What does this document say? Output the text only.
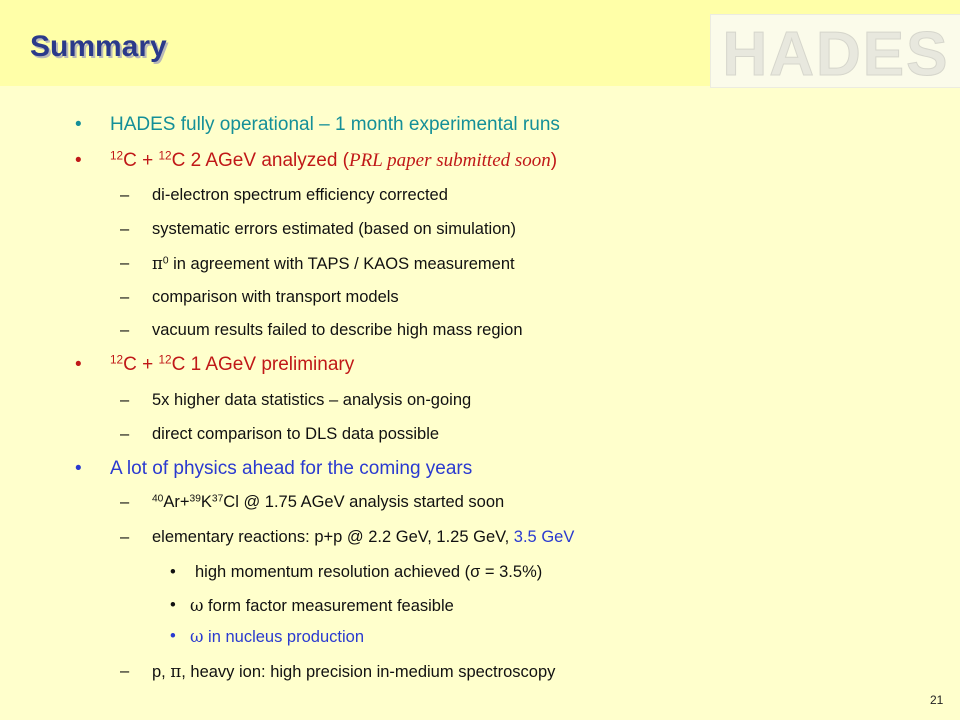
Summary	HADES
• HADES fully operational – 1 month experimental runs
• $^{12}$C + $^{12}$C 2 AGeV analyzed (PRL paper submitted soon)
– di-electron spectrum efficiency corrected
– systematic errors estimated (based on simulation)
– $\pi^0$ in agreement with TAPS / KAOS measurement
– comparison with transport models
– vacuum results failed to describe high mass region
• $^{12}$C + $^{12}$C 1 AGeV preliminary
– 5x higher data statistics – analysis on-going
– direct comparison to DLS data possible
• A lot of physics ahead for the coming years
– $^{40}Ar+^{39}K^{37}Cl$ @ 1.75 AGeV analysis started soon
– elementary reactions: p+p @ 2.2 GeV, 1.25 GeV, 3.5 GeV
• high momentum resolution achieved (σ = 3.5%)
• ω form factor measurement feasible
• ω in nucleus production
– p, π, heavy ion: high precision in-medium spectroscopy
21
